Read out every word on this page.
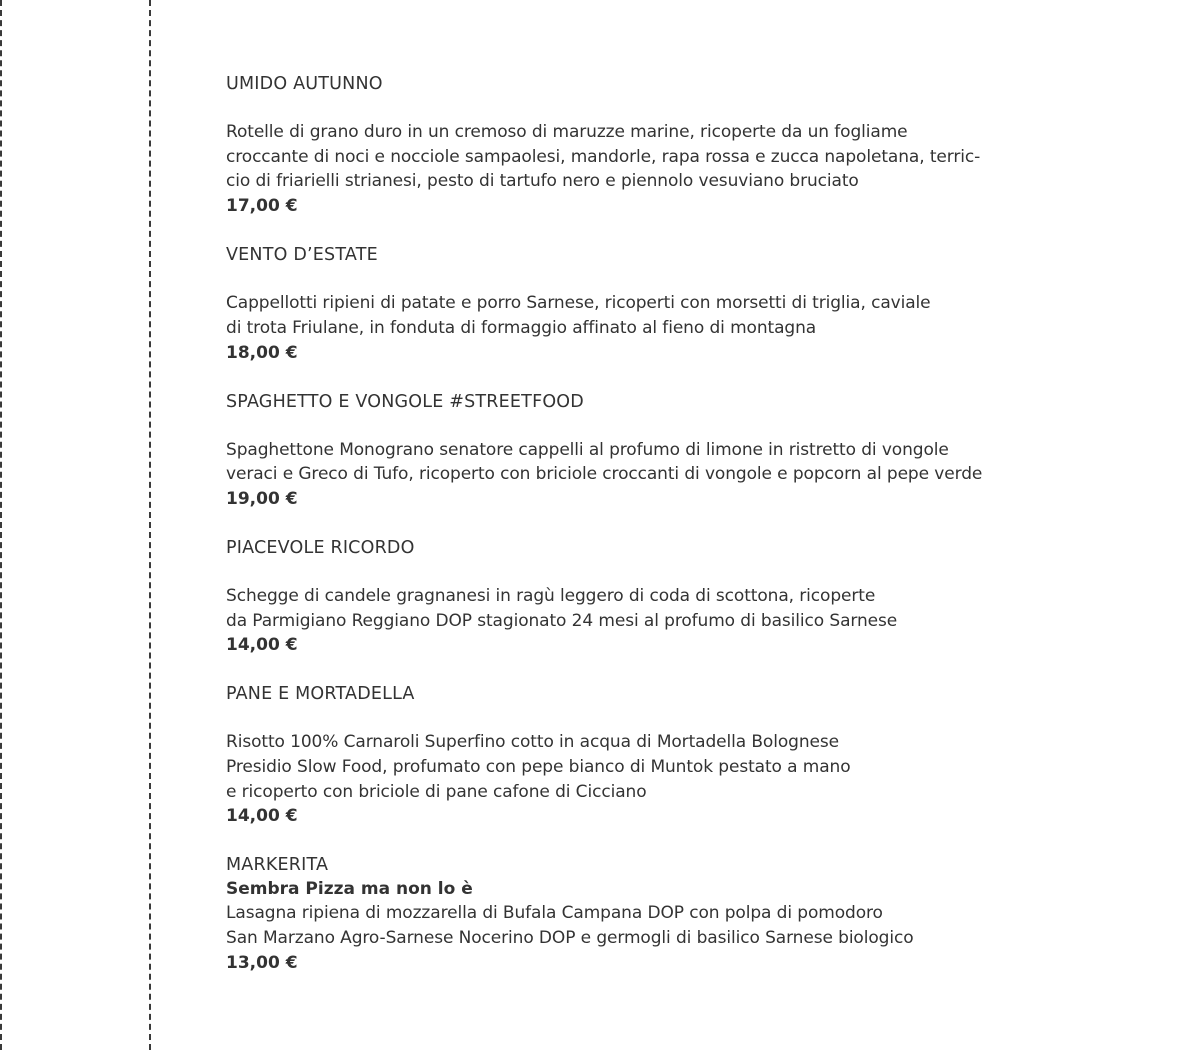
UMIDO AUTUNNO
Rotelle di grano duro in un cremoso di maruzze marine, ricoperte da un fogliame
croccante di noci e nocciole sampaolesi, mandorle, rapa rossa e zucca napoletana, terric-
cio di friarielli strianesi, pesto di tartufo nero e piennolo vesuviano bruciato
17,00 €
VENTO D’ESTATE
Cappellotti ripieni di patate e porro Sarnese, ricoperti con morsetti di triglia, caviale
di trota Friulane, in fonduta di formaggio affinato al fieno di montagna
18,00 €
SPAGHETTO E VONGOLE #STREETFOOD
Spaghettone Monograno senatore cappelli al profumo di limone in ristretto di vongole
veraci e Greco di Tufo, ricoperto con briciole croccanti di vongole e popcorn al pepe verde
19,00 €
PIACEVOLE RICORDO
Schegge di candele gragnanesi in ragù leggero di coda di scottona, ricoperte
da Parmigiano Reggiano DOP stagionato 24 mesi al profumo di basilico Sarnese
14,00 €
PANE E MORTADELLA
Risotto 100% Carnaroli Superfino cotto in acqua di Mortadella Bolognese
Presidio Slow Food, profumato con pepe bianco di Muntok pestato a mano
e ricoperto con briciole di pane cafone di Cicciano
14,00 €
MARKERITA
Sembra Pizza ma non lo è
Lasagna ripiena di mozzarella di Bufala Campana DOP con polpa di pomodoro
San Marzano Agro-Sarnese Nocerino DOP e germogli di basilico Sarnese biologico
13,00 €
